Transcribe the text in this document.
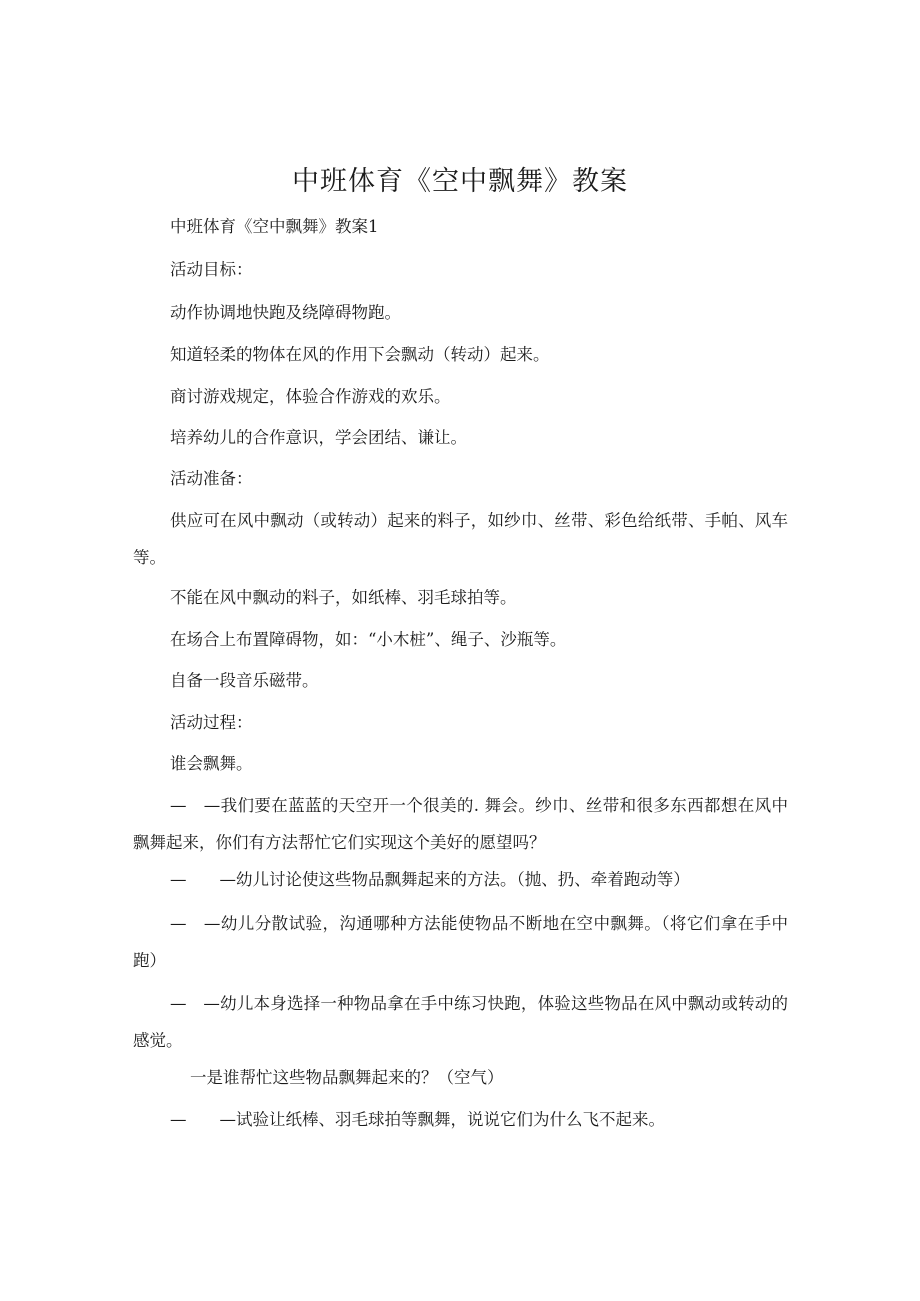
中班体育《空中飘舞》教案
中班体育《空中飘舞》教案1
活动目标：
动作协调地快跑及绕障碍物跑。
知道轻柔的物体在风的作用下会飘动（转动）起来。
商讨游戏规定，体验合作游戏的欢乐。
培养幼儿的合作意识，学会团结、谦让。
活动准备：
供应可在风中飘动（或转动）起来的料子，如纱巾、丝带、彩色给纸带、手帕、风车等。
不能在风中飘动的料子，如纸棒、羽毛球拍等。
在场合上布置障碍物，如：“小木桩”、绳子、沙瓶等。
自备一段音乐磁带。
活动过程：
谁会飘舞。
—　—我们要在蓝蓝的天空开一个很美的. 舞会。纱巾、丝带和很多东西都想在风中飘舞起来，你们有方法帮忙它们实现这个美好的愿望吗？
—　　—幼儿讨论使这些物品飘舞起来的方法。（抛、扔、牵着跑动等）
—　—幼儿分散试验，沟通哪种方法能使物品不断地在空中飘舞。（将它们拿在手中跑）
—　—幼儿本身选择一种物品拿在手中练习快跑，体验这些物品在风中飘动或转动的感觉。
一是谁帮忙这些物品飘舞起来的？（空气）
—　　—试验让纸棒、羽毛球拍等飘舞，说说它们为什么飞不起来。
